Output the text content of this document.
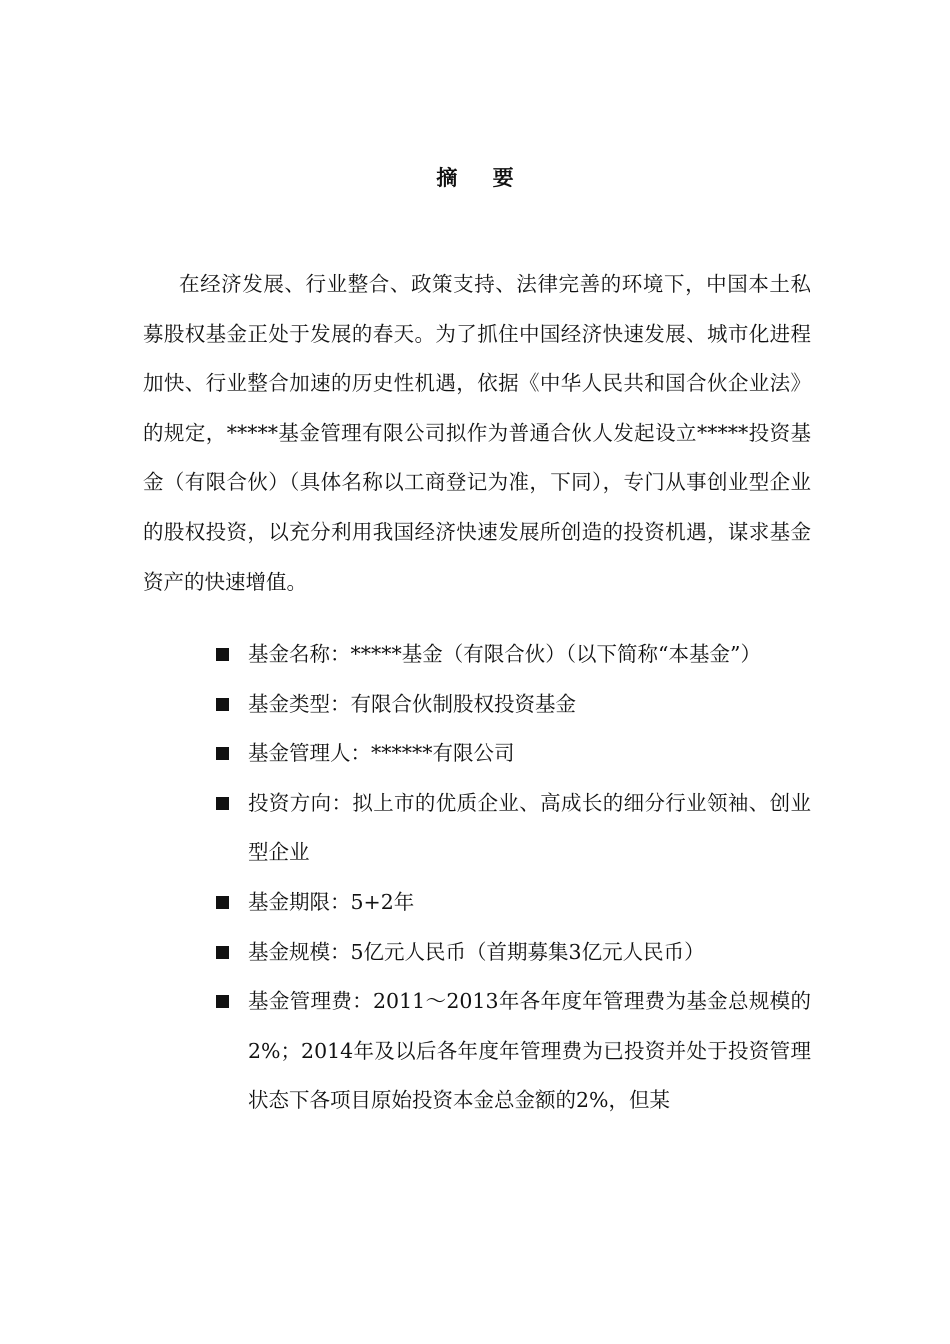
摘 要

在经济发展、行业整合、政策支持、法律完善的环境下，中国本土私募股权基金正处于发展的春天。为了抓住中国经济快速发展、城市化进程加快、行业整合加速的历史性机遇，依据《中华人民共和国合伙企业法》的规定，*****基金管理有限公司拟作为普通合伙人发起设立*****投资基金（有限合伙）（具体名称以工商登记为准，下同），专门从事创业型企业的股权投资，以充分利用我国经济快速发展所创造的投资机遇，谋求基金资产的快速增值。

基金名称：*****基金（有限合伙）（以下简称“本基金”）
基金类型：有限合伙制股权投资基金
基金管理人：******有限公司
投资方向：拟上市的优质企业、高成长的细分行业领袖、创业型企业
基金期限：5+2年
基金规模：5亿元人民币（首期募集3亿元人民币）
基金管理费：2011～2013年各年度年管理费为基金总规模的2%；2014年及以后各年度年管理费为已投资并处于投资管理状态下各项目原始投资本金总金额的2%，但某
